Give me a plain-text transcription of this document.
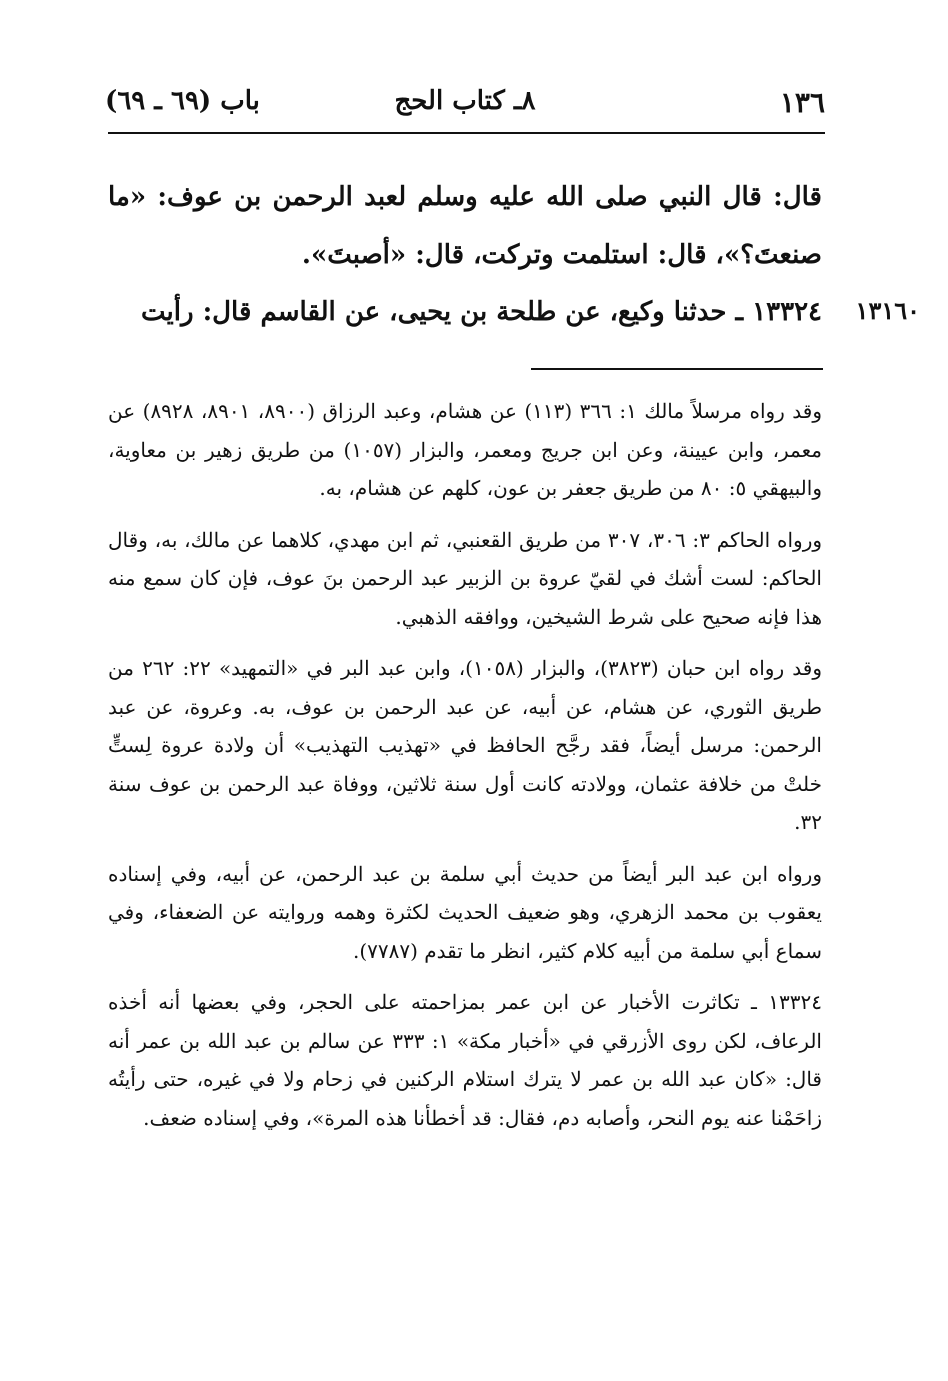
١٣٦
٨ـ كتاب الحج
باب (٦٩ ـ ٦٩)
قال: قال النبي صلى الله عليه وسلم لعبد الرحمن بن عوف: «ما صنعتَ؟»، قال: استلمت وتركت، قال: «أصبتَ».
١٣١٦٠
١٣٣٢٤ ـ حدثنا وكيع، عن طلحة بن يحيى، عن القاسم قال: رأيت

وقد رواه مرسلاً مالك ١: ٣٦٦ (١١٣) عن هشام، وعبد الرزاق (٨٩٠٠، ٨٩٠١، ٨٩٢٨) عن معمر، وابن عيينة، وعن ابن جريج ومعمر، والبزار (١٠٥٧) من طريق زهير بن معاوية، والبيهقي ٥: ٨٠ من طريق جعفر بن عون، كلهم عن هشام، به.

ورواه الحاكم ٣: ٣٠٦، ٣٠٧ من طريق القعنبي، ثم ابن مهدي، كلاهما عن مالك، به، وقال الحاكم: لست أشك في لقيّ عروة بن الزبير عبد الرحمن بنَ عوف، فإن كان سمع منه هذا فإنه صحيح على شرط الشيخين، ووافقه الذهبي.

وقد رواه ابن حبان (٣٨٢٣)، والبزار (١٠٥٨)، وابن عبد البر في «التمهيد» ٢٢: ٢٦٢ من طريق الثوري، عن هشام، عن أبيه، عن عبد الرحمن بن عوف، به. وعروة، عن عبد الرحمن: مرسل أيضاً، فقد رجَّح الحافظ في «تهذيب التهذيب» أن ولادة عروة لِستٍّ خلتْ من خلافة عثمان، وولادته كانت أول سنة ثلاثين، ووفاة عبد الرحمن بن عوف سنة ٣٢.

ورواه ابن عبد البر أيضاً من حديث أبي سلمة بن عبد الرحمن، عن أبيه، وفي إسناده يعقوب بن محمد الزهري، وهو ضعيف الحديث لكثرة وهمه وروايته عن الضعفاء، وفي سماع أبي سلمة من أبيه كلام كثير، انظر ما تقدم (٧٧٨٧).

١٣٣٢٤ ـ تكاثرت الأخبار عن ابن عمر بمزاحمته على الحجر، وفي بعضها أنه أخذه الرعاف، لكن روى الأزرقي في «أخبار مكة» ١: ٣٣٣ عن سالم بن عبد الله بن عمر أنه قال: «كان عبد الله بن عمر لا يترك استلام الركنين في زحام ولا في غيره، حتى رأيتُه زاحَمْنا عنه يوم النحر، وأصابه دم، فقال: قد أخطأنا هذه المرة»، وفي إسناده ضعف.
